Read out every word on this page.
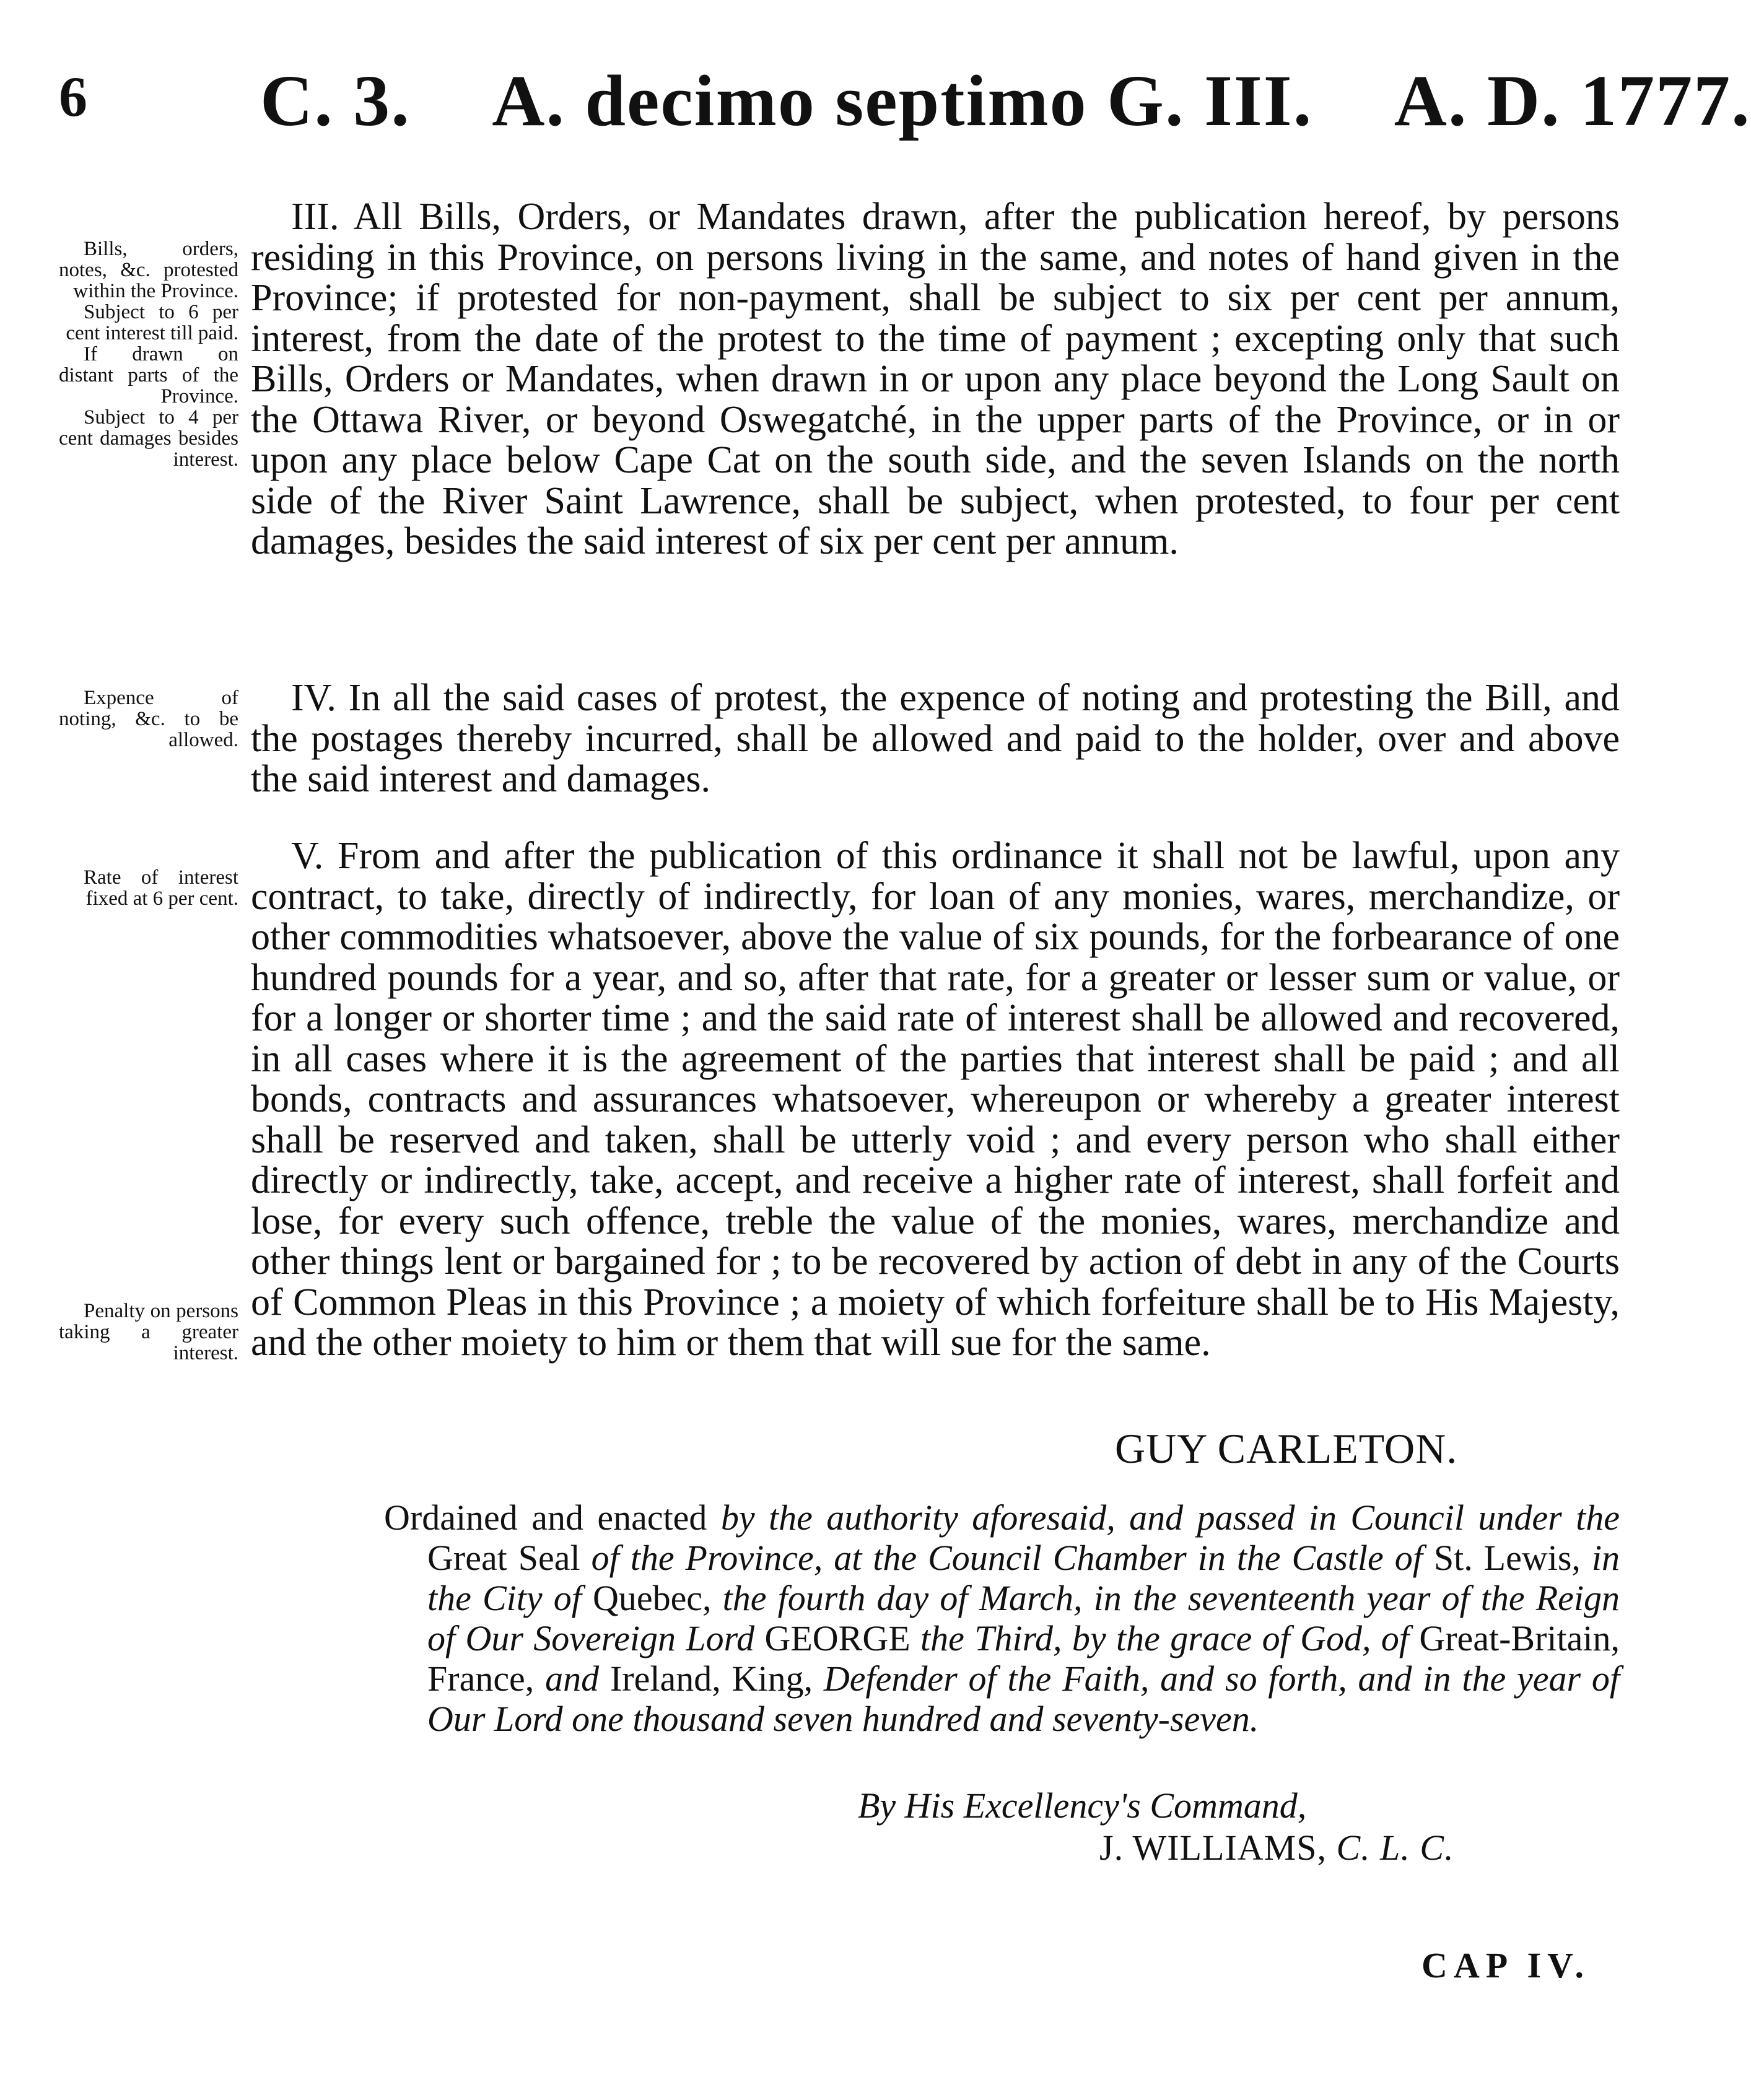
6 C. 3. A. decimo septimo G. III. A. D. 1777.
Bills, orders, notes, &c. protested within the Province.
Subject to 6 per cent interest till paid.
If drawn on distant parts of the Province.
Subject to 4 per cent damages besides interest.
III. All Bills, Orders, or Mandates drawn, after the publication hereof, by persons residing in this Province, on persons living in the same, and notes of hand given in the Province; if protested for non-payment, shall be subject to six per cent per annum, interest, from the date of the protest to the time of payment ; excepting only that such Bills, Orders or Mandates, when drawn in or upon any place beyond the Long Sault on the Ottawa River, or beyond Oswegatché, in the upper parts of the Province, or in or upon any place below Cape Cat on the south side, and the seven Islands on the north side of the River Saint Lawrence, shall be subject, when protested, to four per cent damages, besides the said interest of six per cent per annum.
Expence of noting, &c. to be allowed.
IV. In all the said cases of protest, the expence of noting and protesting the Bill, and the postages thereby incurred, shall be allowed and paid to the holder, over and above the said interest and damages.
Rate of interest fixed at 6 per cent.
V. From and after the publication of this ordinance it shall not be lawful, upon any contract, to take, directly of indirectly, for loan of any monies, wares, merchandize, or other commodities whatsoever, above the value of six pounds, for the forbearance of one hundred pounds for a year, and so, after that rate, for a greater or lesser sum or value, or for a longer or shorter time ; and the said rate of interest shall be allowed and recovered, in all cases where it is the agreement of the parties that interest shall be paid ; and all bonds, contracts and assurances whatsoever, whereupon or whereby a greater interest shall be reserved and taken, shall be utterly void ; and every person who shall either directly or indirectly, take, accept, and receive a higher rate of interest, shall forfeit and lose, for every such offence, treble the value of the monies, wares, merchandize and other things lent or bargained for ; to be recovered by action of debt in any of the Courts of Common Pleas in this Province ; a moiety of which forfeiture shall be to His Majesty, and the other moiety to him or them that will sue for the same.
Penalty on persons taking a greater interest.
GUY CARLETON.
Ordained and enacted by the authority aforesaid, and passed in Council under the Great Seal of the Province, at the Council Chamber in the Castle of St. Lewis, in the City of Quebec, the fourth day of March, in the seventeenth year of the Reign of Our Sovereign Lord GEORGE the Third, by the grace of God, of Great-Britain, France, and Ireland, King, Defender of the Faith, and so forth, and in the year of Our Lord one thousand seven hundred and seventy-seven.
By His Excellency's Command,
J. WILLIAMS, C. L. C.
CAP IV.
